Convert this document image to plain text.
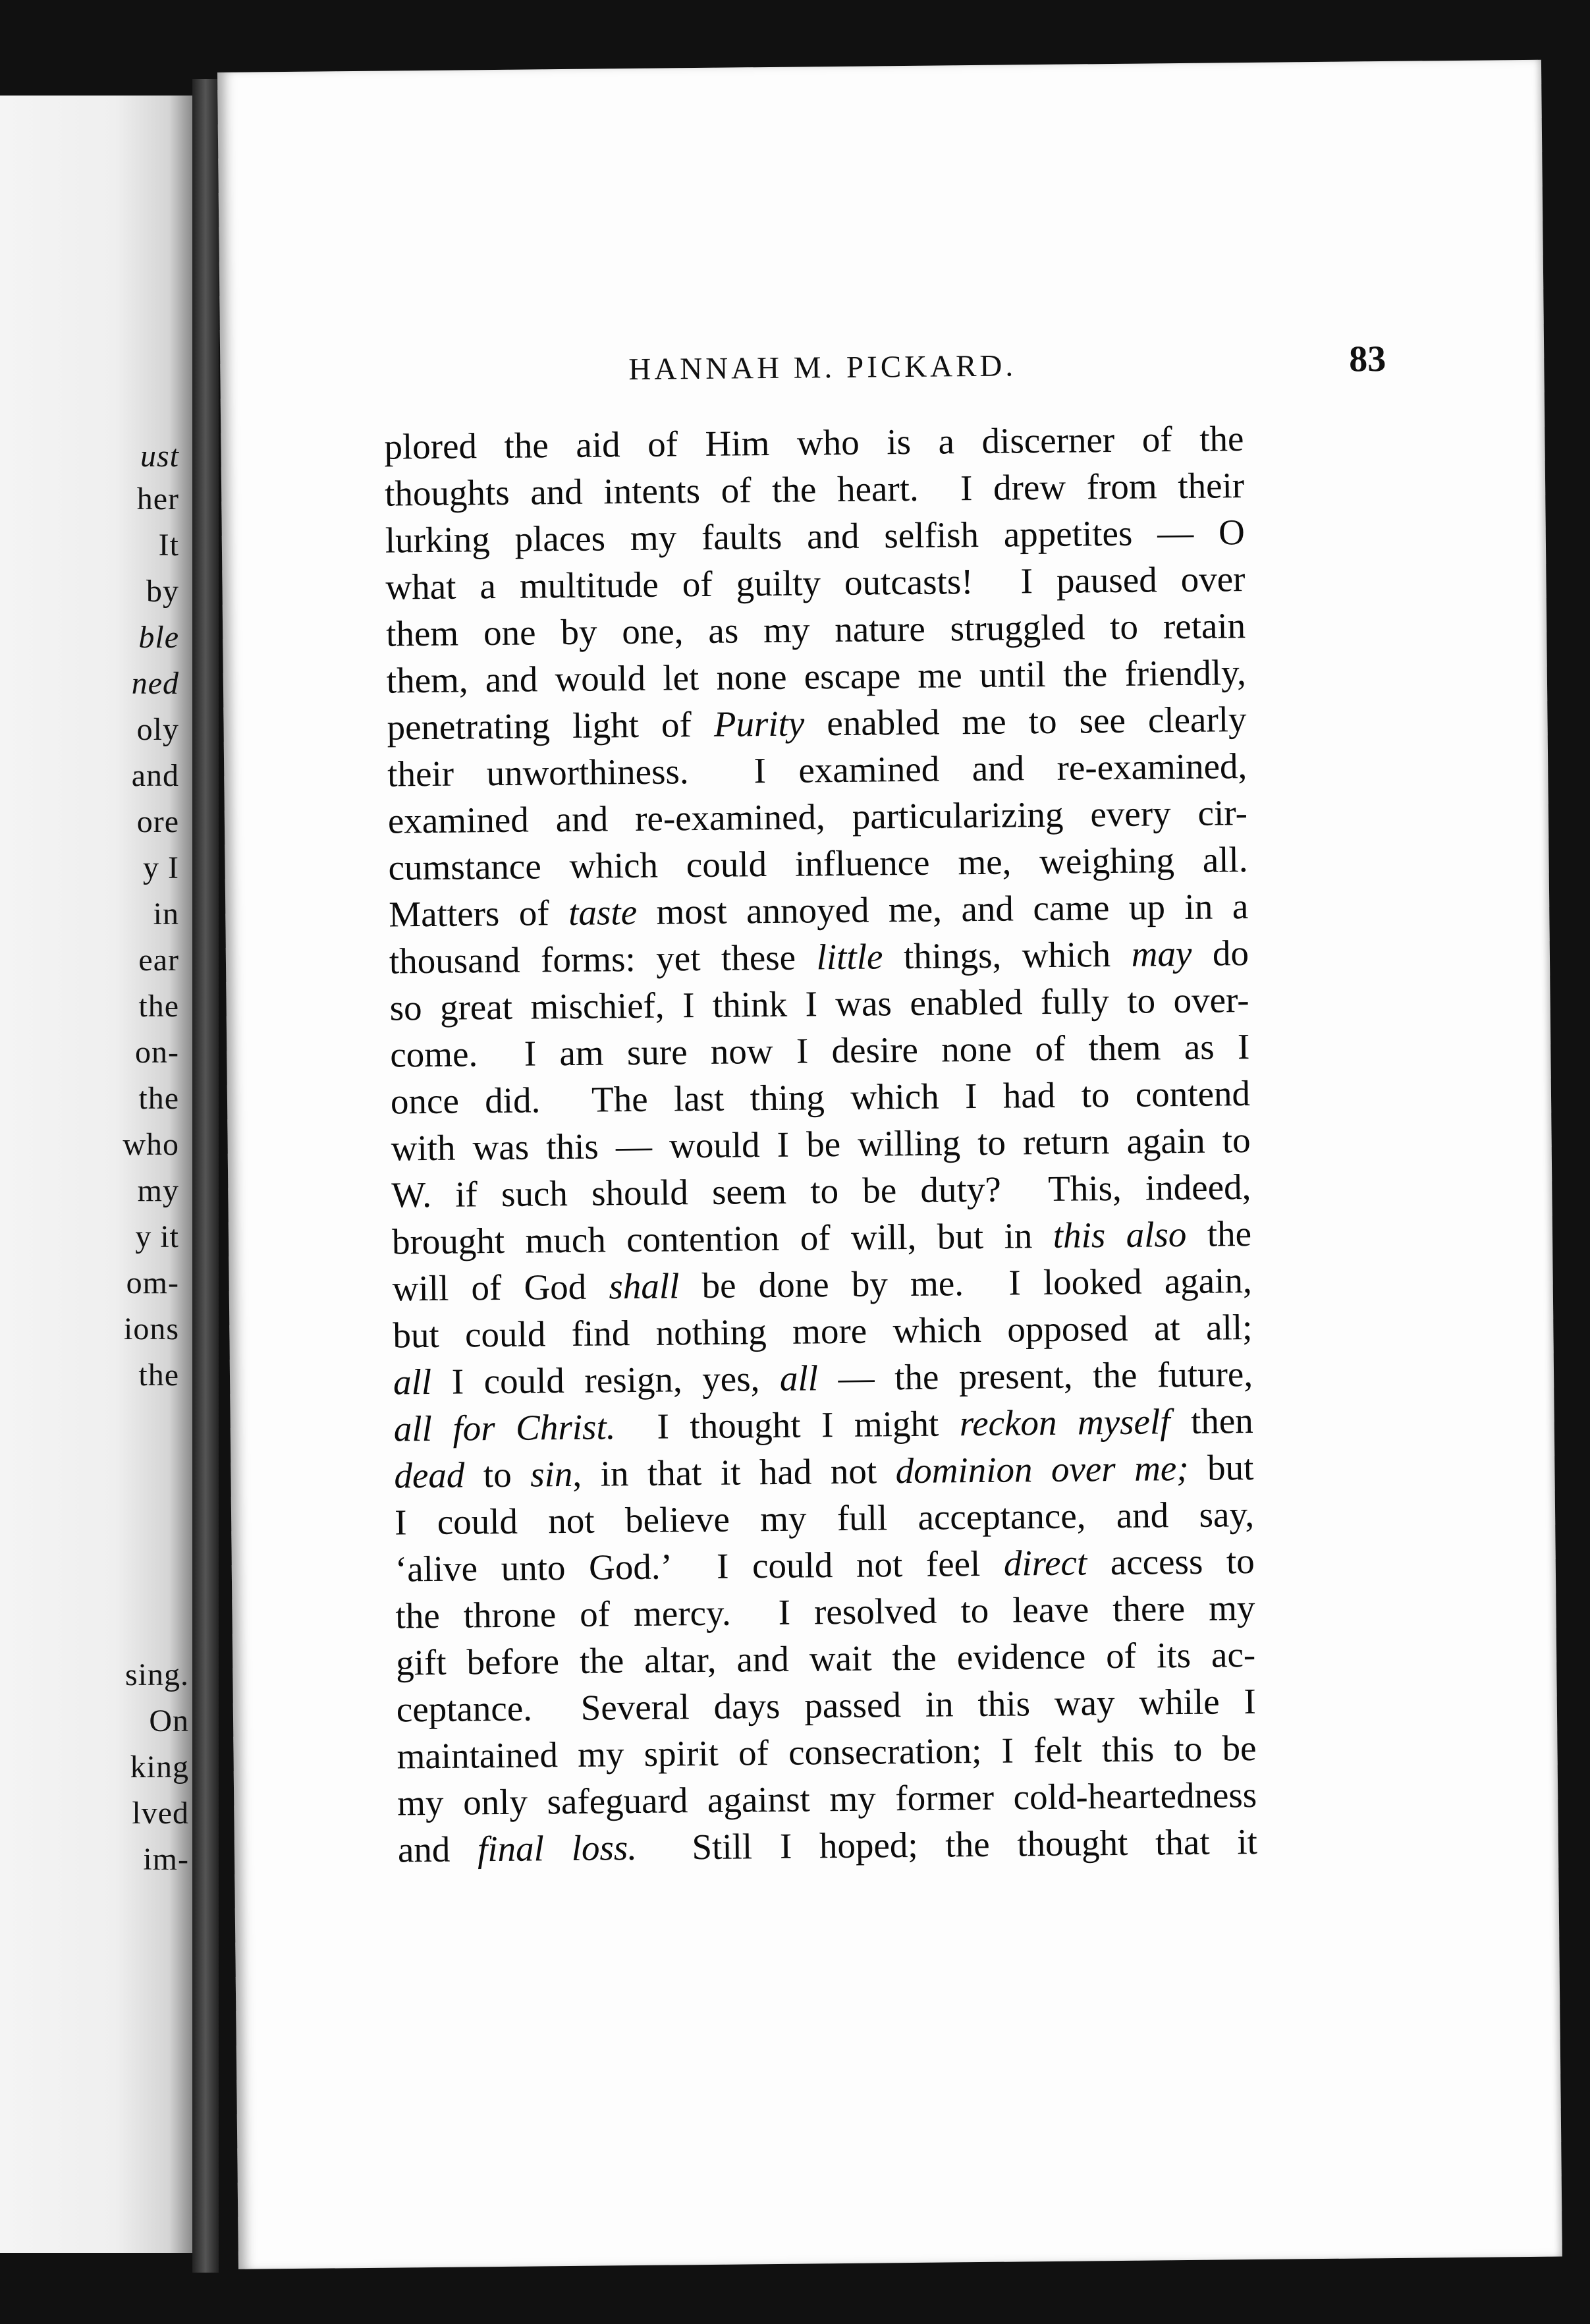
ust
her
It
by
ble
ned
oly
and
ore
y I
in
ear
the
on-
the
who
my
y it
om-
ions
the
sing.
On
king
lved
im-
HANNAH M. PICKARD.	83
plored the aid of Him who is a discerner of the
thoughts and intents of the heart.  I drew from their
lurking places my faults and selfish appetites — O
what a multitude of guilty outcasts!  I paused over
them one by one, as my nature struggled to retain
them, and would let none escape me until the friendly,
penetrating light of Purity enabled me to see clearly
their unworthiness.  I examined and re-examined,
examined and re-examined, particularizing every cir-
cumstance which could influence me, weighing all.
Matters of taste most annoyed me, and came up in a
thousand forms: yet these little things, which may do
so great mischief, I think I was enabled fully to over-
come.  I am sure now I desire none of them as I
once did.  The last thing which I had to contend
with was this — would I be willing to return again to
W. if such should seem to be duty?  This, indeed,
brought much contention of will, but in this also the
will of God shall be done by me.  I looked again,
but could find nothing more which opposed at all;
all I could resign, yes, all — the present, the future,
all for Christ.  I thought I might reckon myself then
dead to sin, in that it had not dominion over me; but
I could not believe my full acceptance, and say,
‘alive unto God.’  I could not feel direct access to
the throne of mercy.  I resolved to leave there my
gift before the altar, and wait the evidence of its ac-
ceptance.  Several days passed in this way while I
maintained my spirit of consecration; I felt this to be
my only safeguard against my former cold-heartedness
and final loss.  Still I hoped; the thought that it
